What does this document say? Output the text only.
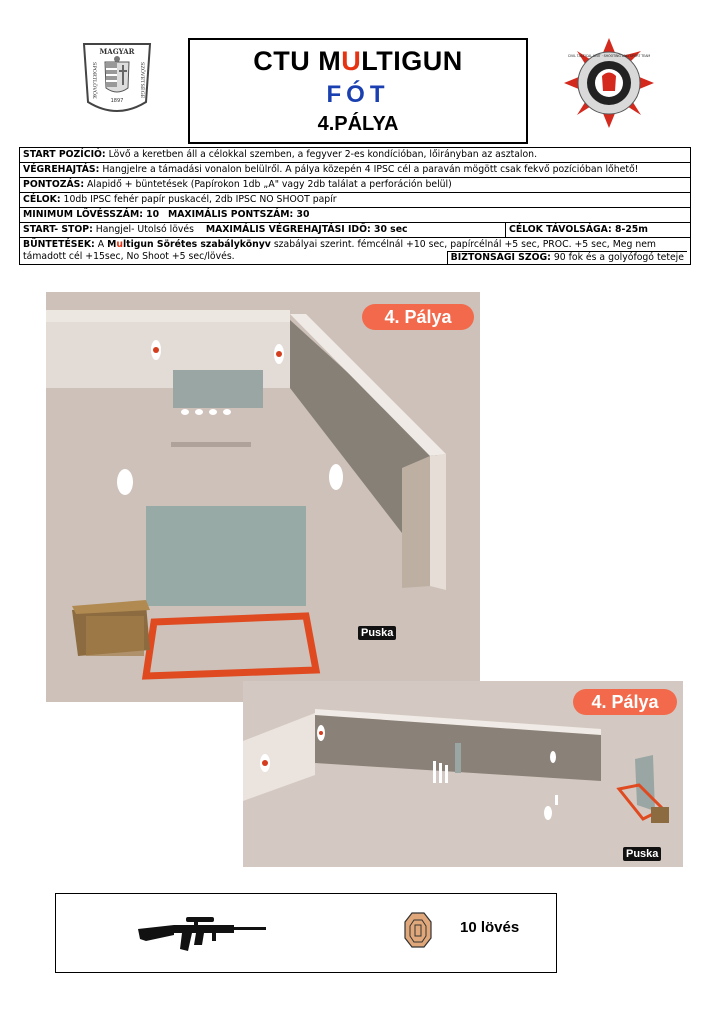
MAGYAR
SPORTLÖVŐK	SZÖVETSÉGE
1897
CTU MULTIGUN
FÓT
4.PÁLYA
CIVIL TACTICAL UNIT · SHOOTING AND SPORT TEAM
START POZÍCIÓ: Lövő a keretben áll a célokkal szemben, a fegyver 2-es kondícióban, lőirányban az asztalon.
VÉGREHAJTÁS: Hangjelre a támadási vonalon belülről. A pálya közepén 4 IPSC cél a paraván mögött csak fekvő pozícióban lőhető!
PONTOZÁS: Alapidő + büntetések (Papírokon 1db „A" vagy 2db találat a perforáción belül)
CÉLOK: 10db IPSC fehér papír puskacél, 2db IPSC NO SHOOT papír
MINIMUM LÖVÉSSZÁM: 10 MAXIMÁLIS PONTSZÁM: 30
START- STOP: Hangjel- Utolsó lövés MAXIMÁLIS VÉGREHAJTÁSI IDŐ: 30 sec	CÉLOK TÁVOLSÁGA: 8-25m
BÜNTETÉSEK: A Multigun Sörétes szabálykönyv szabályai szerint. fémcélnál +10 sec, papírcélnál +5 sec, PROC. +5 sec, Meg nem támadott cél +15sec, No Shoot +5 sec/lövés.	BIZTONSÁGI SZÖG: 90 fok és a golyófogó teteje
4. Pálya
Puska
4. Pálya
Puska
10 lövés
